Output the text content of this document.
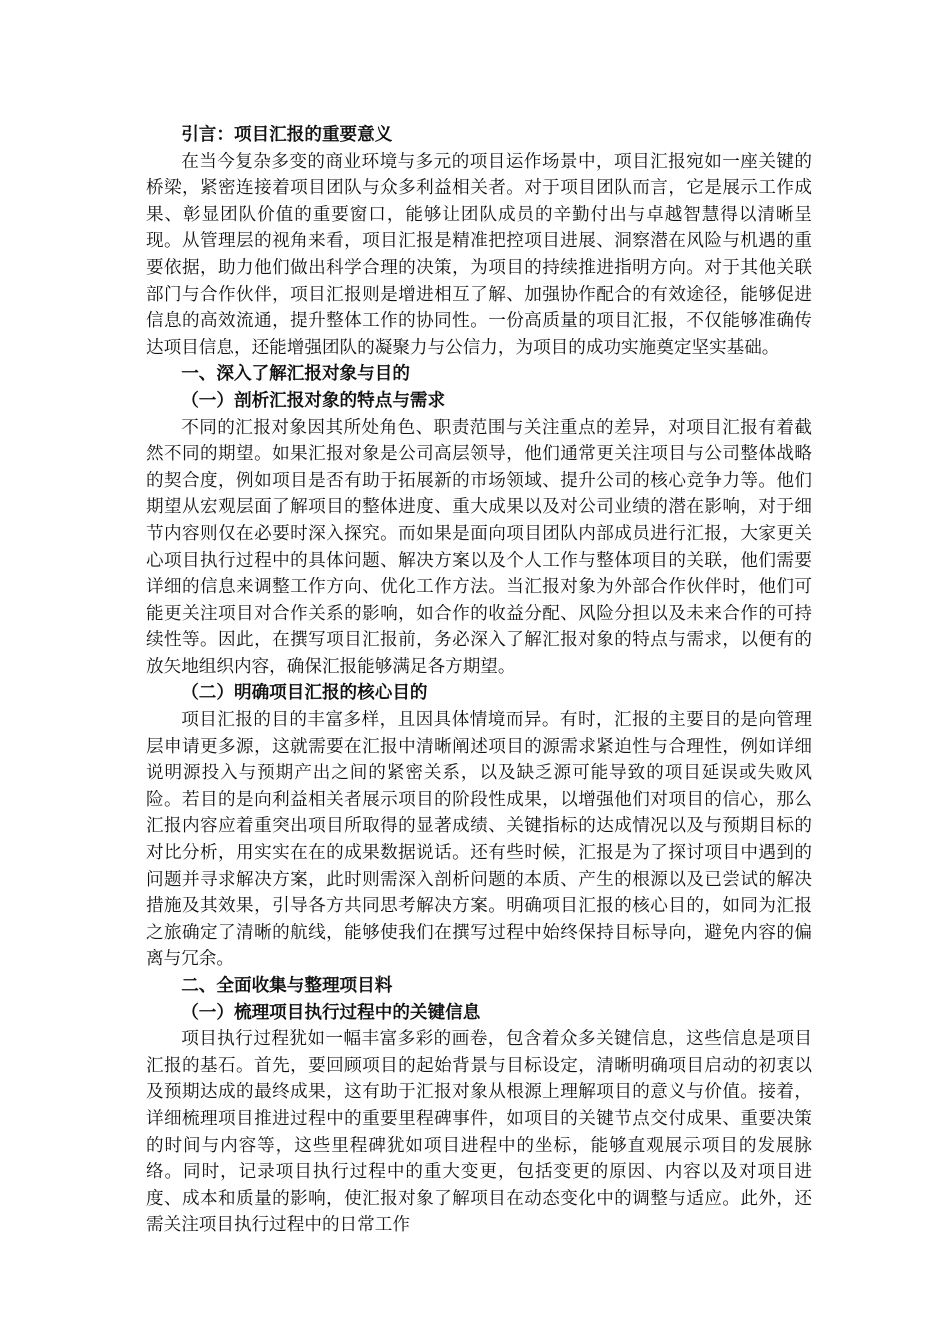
引言：项目汇报的重要意义

在当今复杂多变的商业环境与多元的项目运作场景中，项目汇报宛如一座关键的桥梁，紧密连接着项目团队与众多利益相关者。对于项目团队而言，它是展示工作成果、彰显团队价值的重要窗口，能够让团队成员的辛勤付出与卓越智慧得以清晰呈现。从管理层的视角来看，项目汇报是精准把控项目进展、洞察潜在风险与机遇的重要依据，助力他们做出科学合理的决策，为项目的持续推进指明方向。对于其他关联部门与合作伙伴，项目汇报则是增进相互了解、加强协作配合的有效途径，能够促进信息的高效流通，提升整体工作的协同性。一份高质量的项目汇报，不仅能够准确传达项目信息，还能增强团队的凝聚力与公信力，为项目的成功实施奠定坚实基础。

一、深入了解汇报对象与目的

（一）剖析汇报对象的特点与需求

不同的汇报对象因其所处角色、职责范围与关注重点的差异，对项目汇报有着截然不同的期望。如果汇报对象是公司高层领导，他们通常更关注项目与公司整体战略的契合度，例如项目是否有助于拓展新的市场领域、提升公司的核心竞争力等。他们期望从宏观层面了解项目的整体进度、重大成果以及对公司业绩的潜在影响，对于细节内容则仅在必要时深入探究。而如果是面向项目团队内部成员进行汇报，大家更关心项目执行过程中的具体问题、解决方案以及个人工作与整体项目的关联，他们需要详细的信息来调整工作方向、优化工作方法。当汇报对象为外部合作伙伴时，他们可能更关注项目对合作关系的影响，如合作的收益分配、风险分担以及未来合作的可持续性等。因此，在撰写项目汇报前，务必深入了解汇报对象的特点与需求，以便有的放矢地组织内容，确保汇报能够满足各方期望。

（二）明确项目汇报的核心目的

项目汇报的目的丰富多样，且因具体情境而异。有时，汇报的主要目的是向管理层申请更多源，这就需要在汇报中清晰阐述项目的源需求紧迫性与合理性，例如详细说明源投入与预期产出之间的紧密关系，以及缺乏源可能导致的项目延误或失败风险。若目的是向利益相关者展示项目的阶段性成果，以增强他们对项目的信心，那么汇报内容应着重突出项目所取得的显著成绩、关键指标的达成情况以及与预期目标的对比分析，用实实在在的成果数据说话。还有些时候，汇报是为了探讨项目中遇到的问题并寻求解决方案，此时则需深入剖析问题的本质、产生的根源以及已尝试的解决措施及其效果，引导各方共同思考解决方案。明确项目汇报的核心目的，如同为汇报之旅确定了清晰的航线，能够使我们在撰写过程中始终保持目标导向，避免内容的偏离与冗余。

二、全面收集与整理项目料

（一）梳理项目执行过程中的关键信息

项目执行过程犹如一幅丰富多彩的画卷，包含着众多关键信息，这些信息是项目汇报的基石。首先，要回顾项目的起始背景与目标设定，清晰明确项目启动的初衷以及预期达成的最终成果，这有助于汇报对象从根源上理解项目的意义与价值。接着，详细梳理项目推进过程中的重要里程碑事件，如项目的关键节点交付成果、重要决策的时间与内容等，这些里程碑犹如项目进程中的坐标，能够直观展示项目的发展脉络。同时，记录项目执行过程中的重大变更，包括变更的原因、内容以及对项目进度、成本和质量的影响，使汇报对象了解项目在动态变化中的调整与适应。此外，还需关注项目执行过程中的日常工作
